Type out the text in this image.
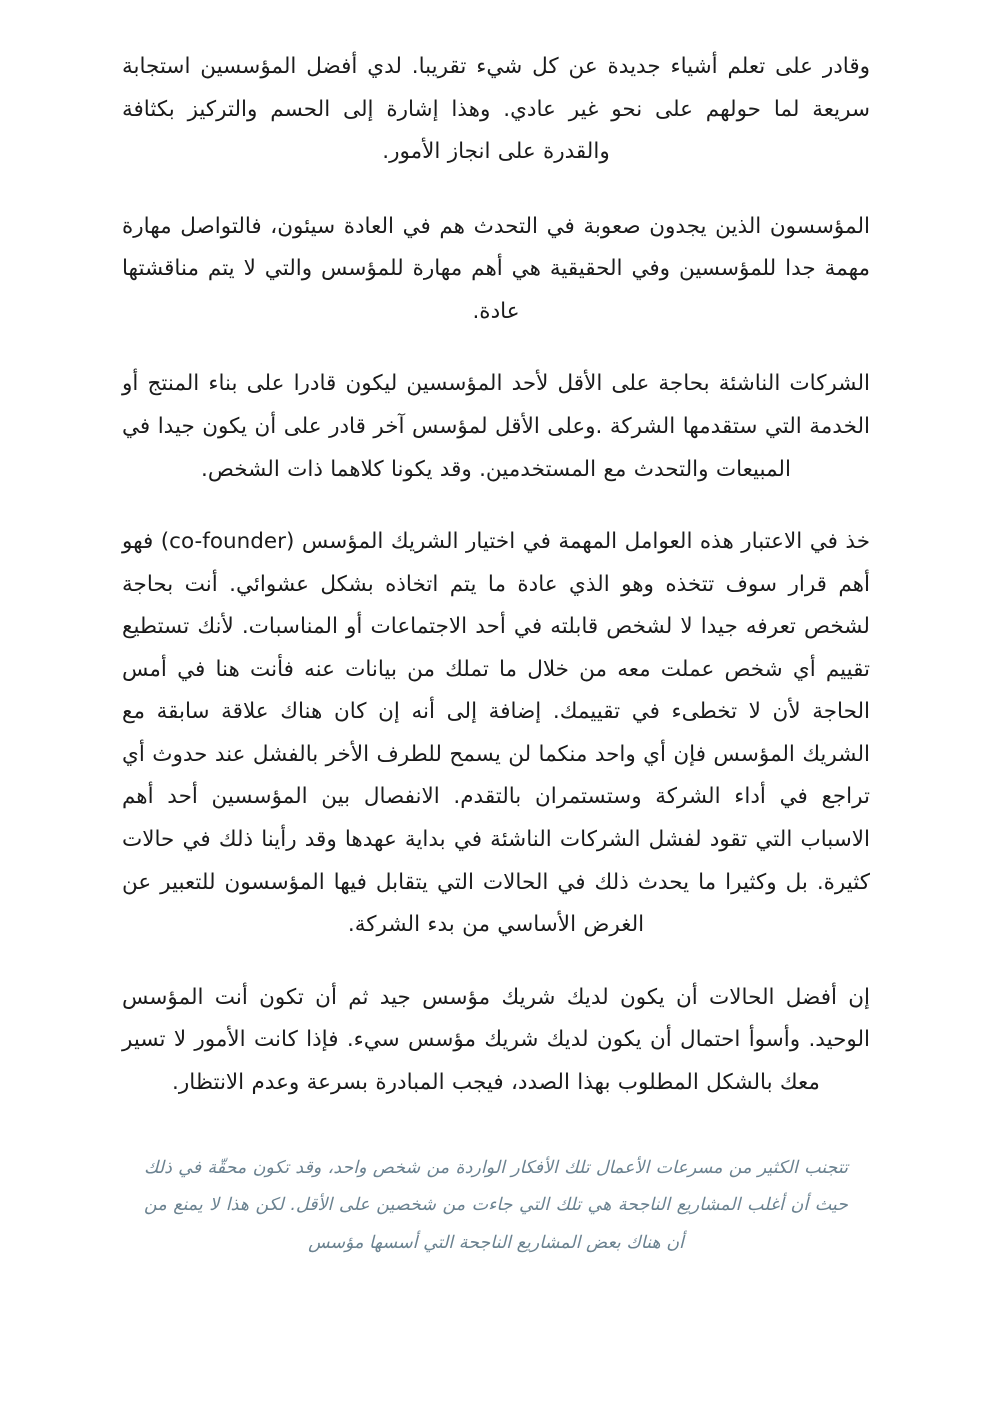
وقادر على تعلم أشياء جديدة عن كل شيء تقريبا. لدي أفضل المؤسسين استجابة سريعة لما حولهم على نحو غير عادي. وهذا إشارة إلى الحسم والتركيز بكثافة والقدرة على انجاز الأمور.

المؤسسون الذين يجدون صعوبة في التحدث هم في العادة سيئون، فالتواصل مهارة مهمة جدا للمؤسسين وفي الحقيقية هي أهم مهارة للمؤسس والتي لا يتم مناقشتها عادة.

الشركات الناشئة بحاجة على الأقل لأحد المؤسسين ليكون قادرا على بناء المنتج أو الخدمة التي ستقدمها الشركة .وعلى الأقل لمؤسس آخر قادر على أن يكون جيدا في المبيعات والتحدث مع المستخدمين. وقد يكونا كلاهما ذات الشخص.

خذ في الاعتبار هذه العوامل المهمة في اختيار الشريك المؤسس (co-founder) فهو أهم قرار سوف تتخذه وهو الذي عادة ما يتم اتخاذه بشكل عشوائي. أنت بحاجة لشخص تعرفه جيدا لا لشخص قابلته في أحد الاجتماعات أو المناسبات. لأنك تستطيع تقييم أي شخص عملت معه من خلال ما تملك من بيانات عنه فأنت هنا في أمس الحاجة لأن لا تخطىء في تقييمك. إضافة إلى أنه إن كان هناك علاقة سابقة مع الشريك المؤسس فإن أي واحد منكما لن يسمح للطرف الأخر بالفشل عند حدوث أي تراجع في أداء الشركة وستستمران بالتقدم. الانفصال بين المؤسسين أحد أهم الاسباب التي تقود لفشل الشركات الناشئة في بداية عهدها وقد رأينا ذلك في حالات كثيرة. بل وكثيرا ما يحدث ذلك في الحالات التي يتقابل فيها المؤسسون للتعبير عن الغرض الأساسي من بدء الشركة.

إن أفضل الحالات أن يكون لديك شريك مؤسس جيد ثم أن تكون أنت المؤسس الوحيد. وأسوأ احتمال أن يكون لديك شريك مؤسس سيء. فإذا كانت الأمور لا تسير معك بالشكل المطلوب بهذا الصدد، فيجب المبادرة بسرعة وعدم الانتظار.

تتجنب الكثير من مسرعات الأعمال تلك الأفكار الواردة من شخص واحد، وقد تكون محقّة في ذلك حيث أن أغلب المشاريع الناجحة هي تلك التي جاءت من شخصين على الأقل. لكن هذا لا يمنع من أن هناك بعض المشاريع الناجحة التي أسسها مؤسس
